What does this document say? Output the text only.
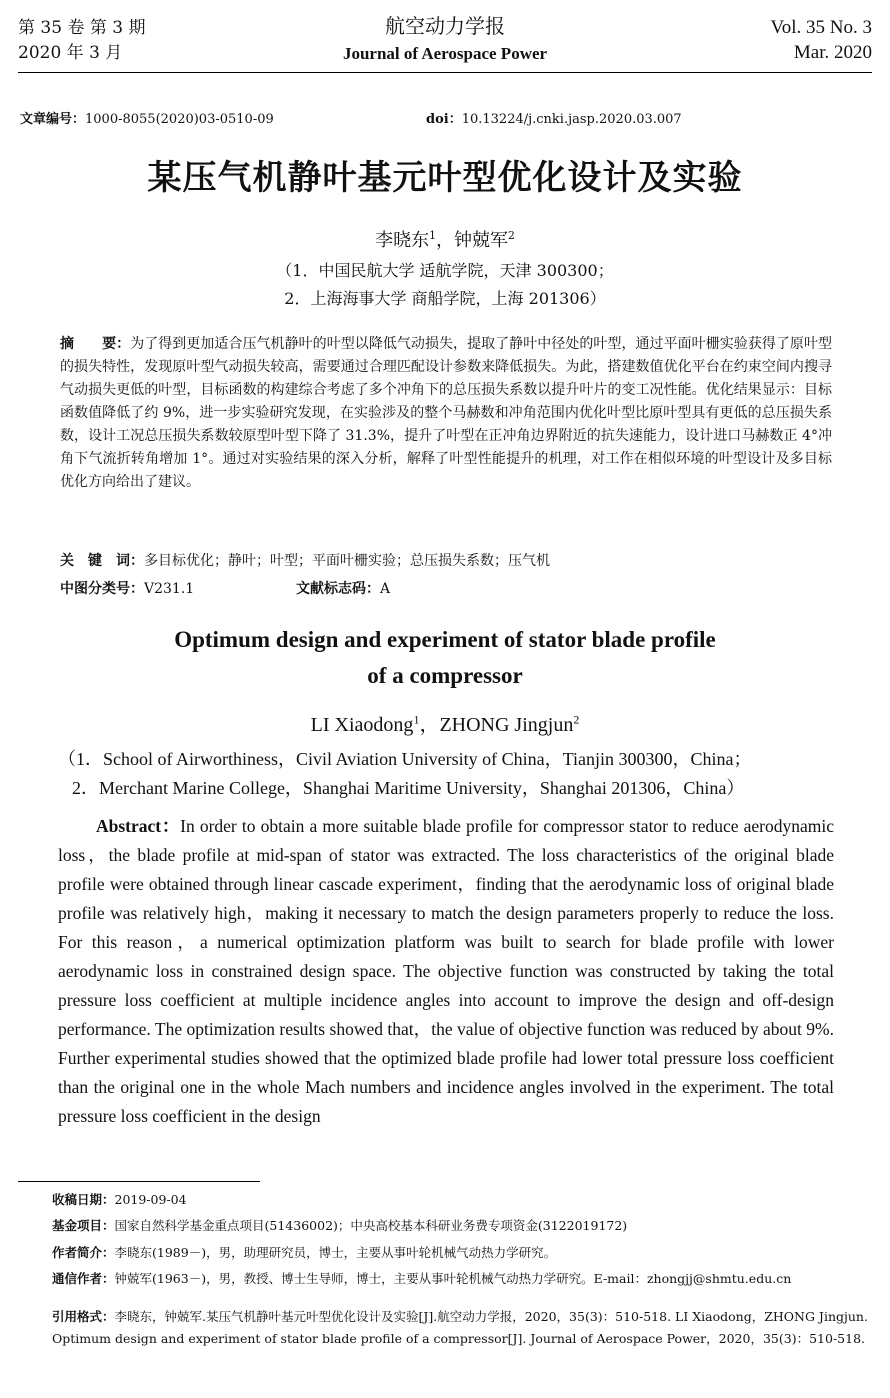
第 35 卷 第 3 期
2020 年 3 月
航空动力学报
Journal of Aerospace Power
Vol. 35 No. 3
Mar. 2020
文章编号：1000-8055(2020)03-0510-09	doi：10.13224/j.cnki.jasp.2020.03.007
某压气机静叶基元叶型优化设计及实验
李晓东$^1$，钟兢军$^2$
（1．中国民航大学 适航学院，天津 300300；
2．上海海事大学 商船学院，上海 201306）
摘　　要：为了得到更加适合压气机静叶的叶型以降低气动损失，提取了静叶中径处的叶型，通过平面叶栅实验获得了原叶型的损失特性，发现原叶型气动损失较高，需要通过合理匹配设计参数来降低损失。为此，搭建数值优化平台在约束空间内搜寻气动损失更低的叶型，目标函数的构建综合考虑了多个冲角下的总压损失系数以提升叶片的变工况性能。优化结果显示：目标函数值降低了约 9%，进一步实验研究发现，在实验涉及的整个马赫数和冲角范围内优化叶型比原叶型具有更低的总压损失系数，设计工况总压损失系数较原型叶型下降了 31.3%，提升了叶型在正冲角边界附近的抗失速能力，设计进口马赫数正 4°冲角下气流折转角增加 1°。通过对实验结果的深入分析，解释了叶型性能提升的机理，对工作在相似环境的叶型设计及多目标优化方向给出了建议。
关　键　词：多目标优化；静叶；叶型；平面叶栅实验；总压损失系数；压气机
中图分类号：V231.1	文献标志码：A
Optimum design and experiment of stator blade profile
of a compressor
LI Xiaodong$^1$，ZHONG Jingjun$^2$
（1．School of Airworthiness，Civil Aviation University of China，Tianjin 300300，China；
2．Merchant Marine College，Shanghai Maritime University，Shanghai 201306，China）
Abstract：In order to obtain a more suitable blade profile for compressor stator to reduce aerodynamic loss，the blade profile at mid-span of stator was extracted. The loss characteristics of the original blade profile were obtained through linear cascade experiment，finding that the aerodynamic loss of original blade profile was relatively high，making it necessary to match the design parameters properly to reduce the loss. For this reason，a numerical optimization platform was built to search for blade profile with lower aerodynamic loss in constrained design space. The objective function was constructed by taking the total pressure loss coefficient at multiple incidence angles into account to improve the design and off-design performance. The optimization results showed that，the value of objective function was reduced by about 9%. Further experimental studies showed that the optimized blade profile had lower total pressure loss coefficient than the original one in the whole Mach numbers and incidence angles involved in the experiment. The total pressure loss coefficient in the design
收稿日期：2019-09-04
基金项目：国家自然科学基金重点项目(51436002)；中央高校基本科研业务费专项资金(3122019172)
作者简介：李晓东(1989－)，男，助理研究员，博士，主要从事叶轮机械气动热力学研究。
通信作者：钟兢军(1963－)，男，教授、博士生导师，博士，主要从事叶轮机械气动热力学研究。E-mail：zhongjj@shmtu.edu.cn
引用格式：李晓东，钟兢军.某压气机静叶基元叶型优化设计及实验[J].航空动力学报，2020，35(3)：510-518. LI Xiaodong，ZHONG Jingjun. Optimum design and experiment of stator blade profile of a compressor[J]. Journal of Aerospace Power，2020，35(3)：510-518.
